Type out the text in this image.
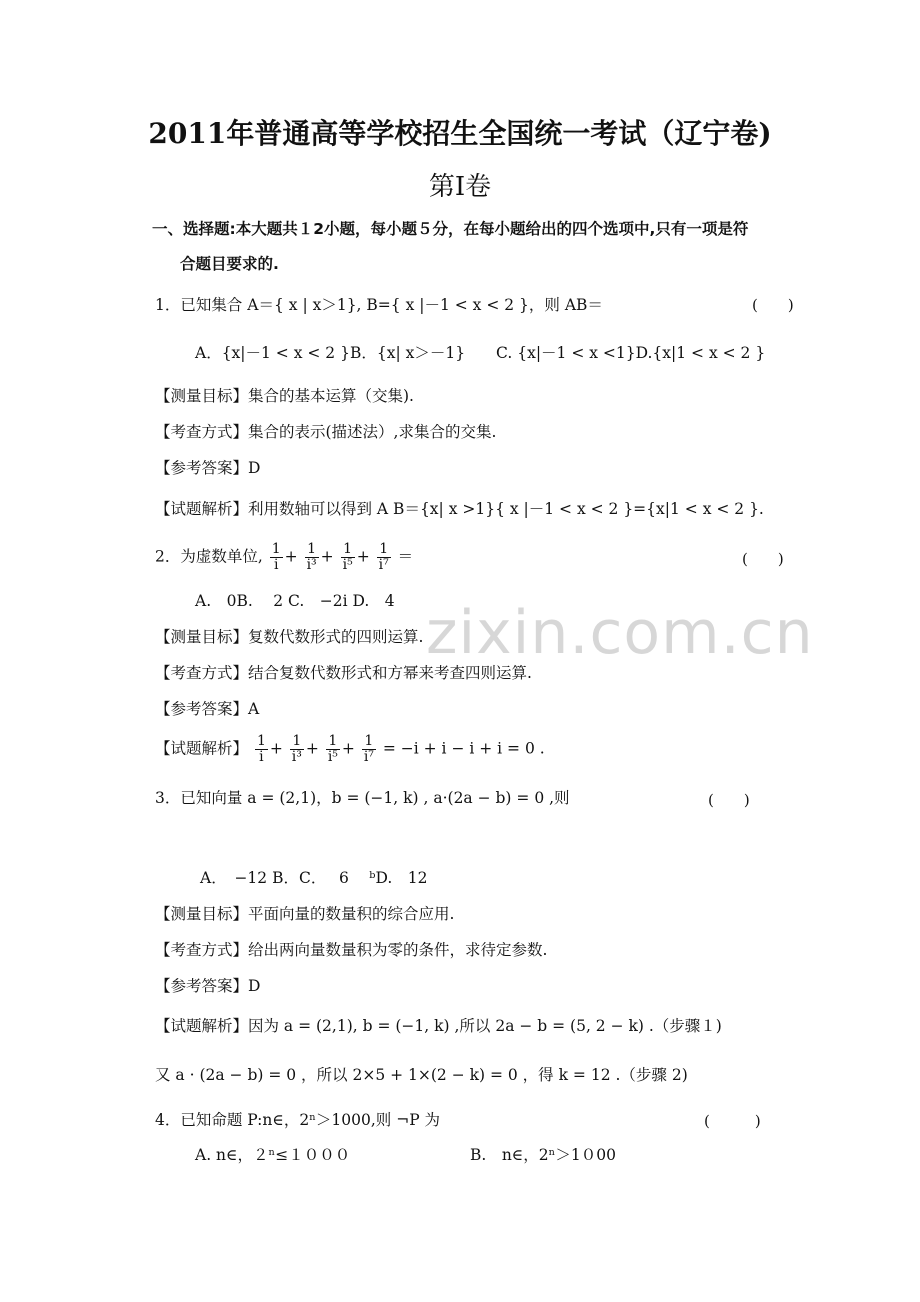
zixin.com.cn
2011年普通高等学校招生全国统一考试（辽宁卷)
第Ⅰ卷
一、选择题:本大题共１2小题，每小题５分，在每小题给出的四个选项中,只有一项是符
合题目要求的.
1．已知集合 A＝{ x | x＞1}, B={ x |－1 < x < 2 }，则 AB＝	(　　)
A．{x|－1 < x < 2 }B．{x| x＞－1}　　C. {x|－1 < x <1}D.{x|1 < x < 2 }
【测量目标】集合的基本运算（交集).
【考查方式】集合的表示(描述法）,求集合的交集.
【参考答案】D
【试题解析】利用数轴可以得到 A B＝{x| x >1}{ x |－1 < x < 2 }={x|1 < x < 2 }.
2．为虚数单位, $\frac{1}{i} + \frac{1}{\text{i³}} + \frac{1}{\text{i⁵}} + \frac{1}{\text{i⁷}}$ ＝	(　　)
A.　0B.　 2 C.　−2i D.　4
【测量目标】复数代数形式的四则运算.
【考查方式】结合复数代数形式和方幂来考查四则运算.
【参考答案】A
【试题解析】 $\frac{1}{i} + \frac{1}{\text{i³}} + \frac{1}{\text{i⁵}} + \frac{1}{\text{i⁷}} = -i + i - i + i = 0$ .
3．已知向量 a = (2,1)，b = (−1, k) , a·(2a − b) = 0 ,则	(　　)
A．　−12 B．C．　 6　 ᵇD.　12
【测量目标】平面向量的数量积的综合应用.
【考查方式】给出两向量数量积为零的条件，求待定参数.
【参考答案】D
【试题解析】因为 a = (2,1), b = (−1, k) ,所以 2a − b = (5, 2 − k) .（步骤１)
又 a · (2a − b) = 0 ，所以 2×5 + 1×(2 − k) = 0 ，得 k = 12 .（步骤 2)
4．已知命题 P:n∈，2ⁿ＞1000,则 ¬P 为	(　　　)
A. n∈，２ⁿ≤１０００	B.　n∈，2ⁿ＞1０00
